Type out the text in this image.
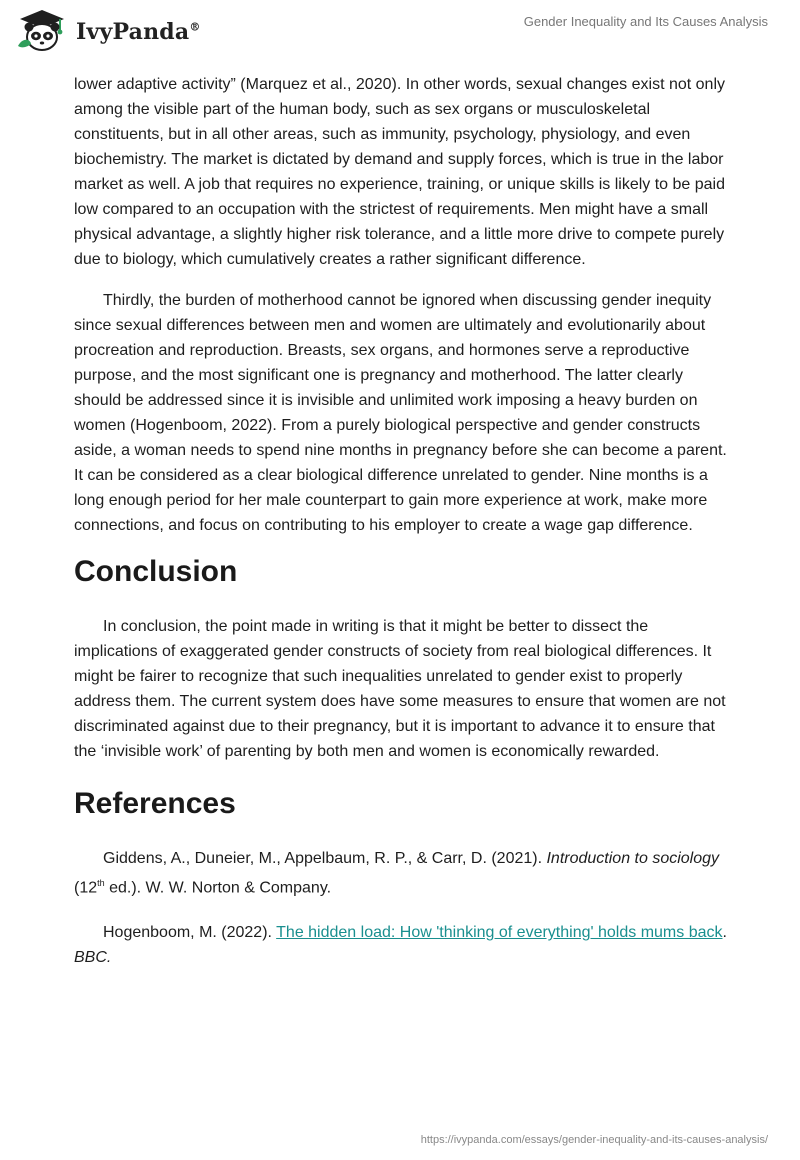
IvyPanda®	Gender Inequality and Its Causes Analysis

lower adaptive activity” (Marquez et al., 2020). In other words, sexual changes exist not only among the visible part of the human body, such as sex organs or musculoskeletal constituents, but in all other areas, such as immunity, psychology, physiology, and even biochemistry. The market is dictated by demand and supply forces, which is true in the labor market as well. A job that requires no experience, training, or unique skills is likely to be paid low compared to an occupation with the strictest of requirements. Men might have a small physical advantage, a slightly higher risk tolerance, and a little more drive to compete purely due to biology, which cumulatively creates a rather significant difference.

Thirdly, the burden of motherhood cannot be ignored when discussing gender inequity since sexual differences between men and women are ultimately and evolutionarily about procreation and reproduction. Breasts, sex organs, and hormones serve a reproductive purpose, and the most significant one is pregnancy and motherhood. The latter clearly should be addressed since it is invisible and unlimited work imposing a heavy burden on women (Hogenboom, 2022). From a purely biological perspective and gender constructs aside, a woman needs to spend nine months in pregnancy before she can become a parent. It can be considered as a clear biological difference unrelated to gender. Nine months is a long enough period for her male counterpart to gain more experience at work, make more connections, and focus on contributing to his employer to create a wage gap difference.

Conclusion

In conclusion, the point made in writing is that it might be better to dissect the implications of exaggerated gender constructs of society from real biological differences. It might be fairer to recognize that such inequalities unrelated to gender exist to properly address them. The current system does have some measures to ensure that women are not discriminated against due to their pregnancy, but it is important to advance it to ensure that the ‘invisible work’ of parenting by both men and women is economically rewarded.

References

Giddens, A., Duneier, M., Appelbaum, R. P., & Carr, D. (2021). Introduction to sociology (12th ed.). W. W. Norton & Company.

Hogenboom, M. (2022). The hidden load: How 'thinking of everything' holds mums back. BBC.

https://ivypanda.com/essays/gender-inequality-and-its-causes-analysis/
